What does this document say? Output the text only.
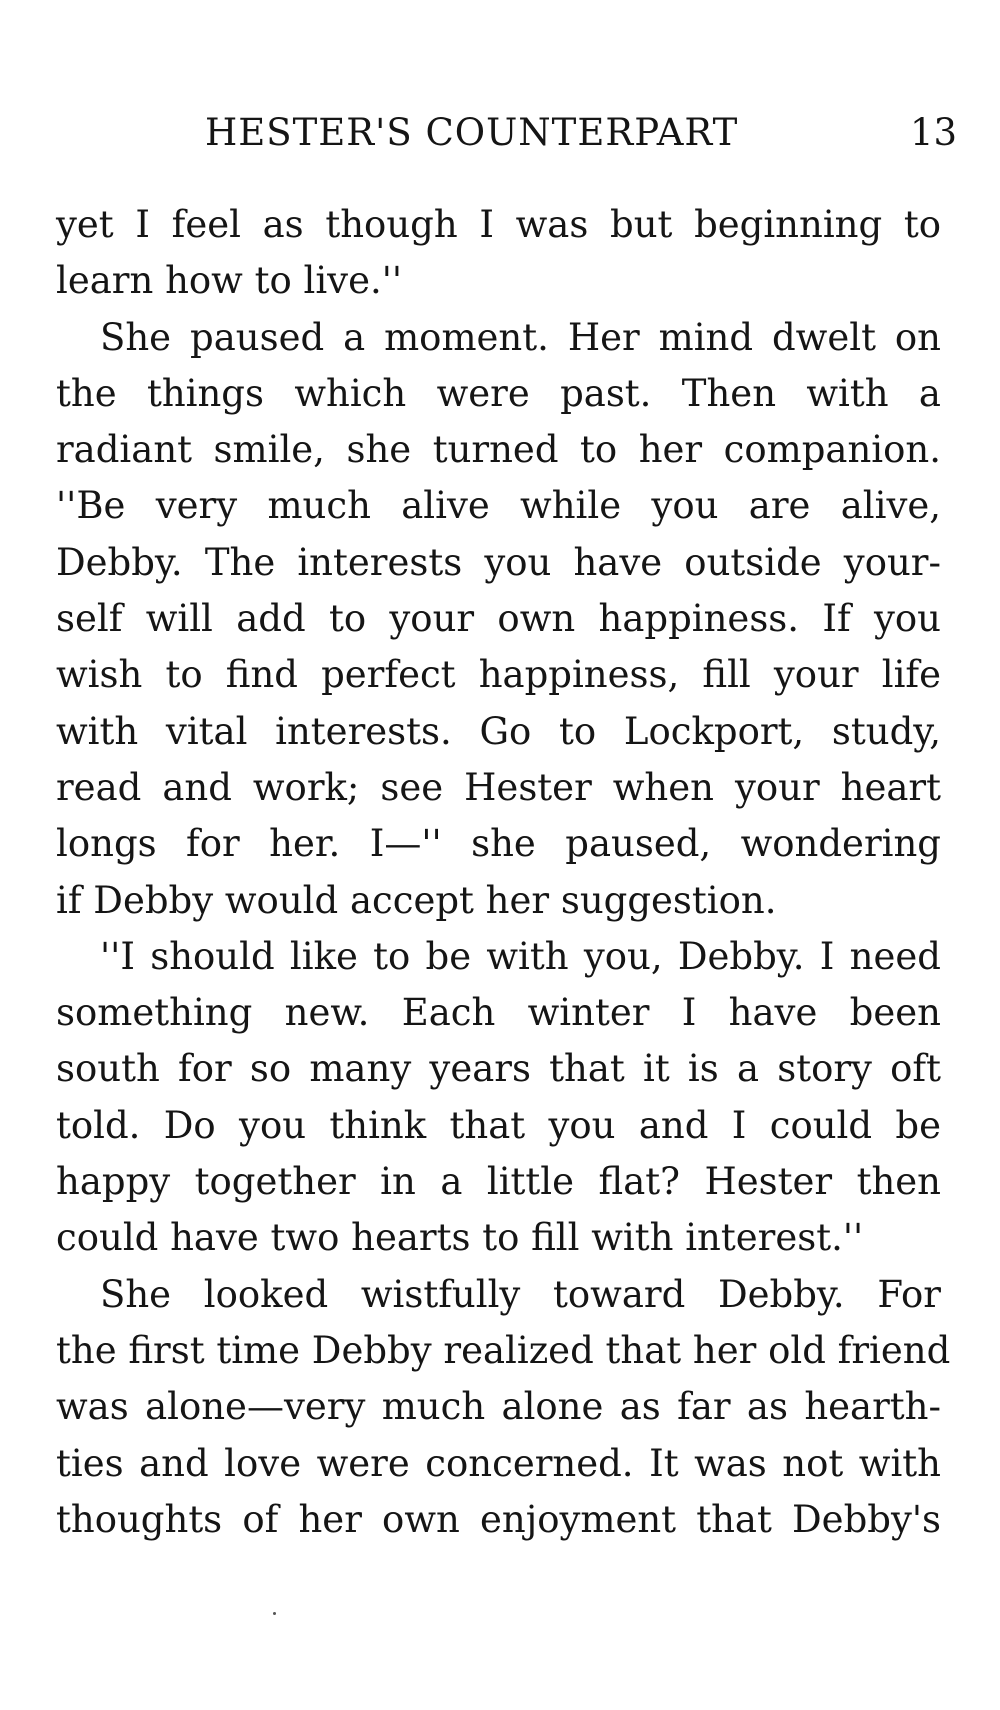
HESTER'S COUNTERPART	13
yet I feel as though I was but beginning to
learn how to live.''
She paused a moment. Her mind dwelt on
the things which were past. Then with a
radiant smile, she turned to her companion.
''Be very much alive while you are alive,
Debby. The interests you have outside your-
self will add to your own happiness. If you
wish to find perfect happiness, fill your life
with vital interests. Go to Lockport, study,
read and work; see Hester when your heart
longs for her. I—'' she paused, wondering
if Debby would accept her suggestion.
''I should like to be with you, Debby. I need
something new. Each winter I have been
south for so many years that it is a story oft
told. Do you think that you and I could be
happy together in a little flat? Hester then
could have two hearts to fill with interest.''
She looked wistfully toward Debby. For
the first time Debby realized that her old friend
was alone—very much alone as far as hearth-
ties and love were concerned. It was not with
thoughts of her own enjoyment that Debby's
